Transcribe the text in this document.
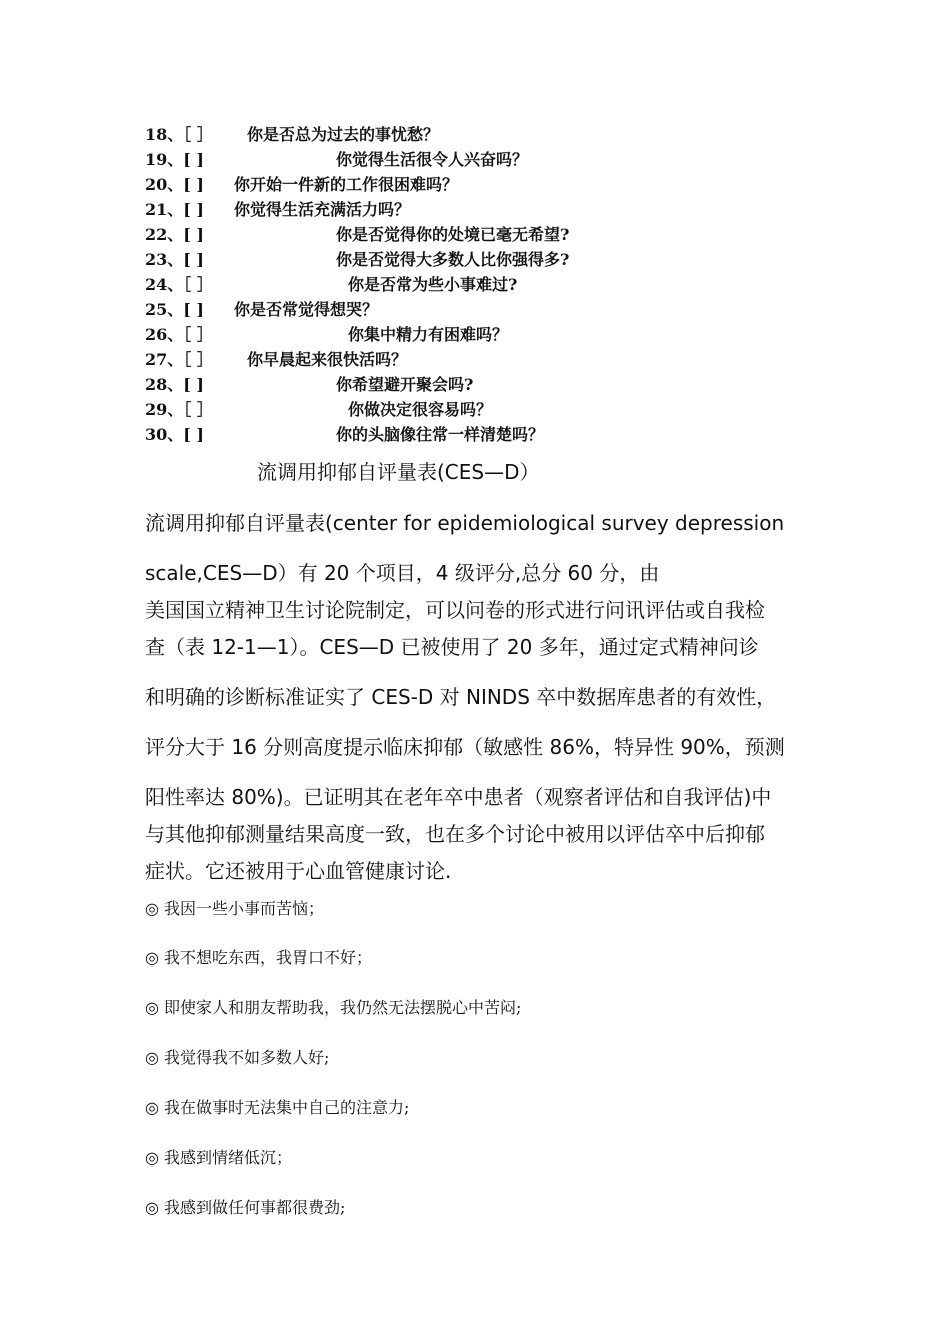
18、［ ］ 你是否总为过去的事忧愁？
19、[ ]	你觉得生活很令人兴奋吗？
20、[ ] 你开始一件新的工作很困难吗？
21、[ ] 你觉得生活充满活力吗？
22、[ ]	你是否觉得你的处境已毫无希望?
23、[ ]	你是否觉得大多数人比你强得多?
24、［ ］	你是否常为些小事难过?
25、[ ] 你是否常觉得想哭？
26、［ ］	你集中精力有困难吗？
27、［ ］ 你早晨起来很快活吗？
28、[ ]	你希望避开聚会吗?
29、［ ］	你做决定很容易吗？
30、[ ]	你的头脑像往常一样清楚吗？
流调用抑郁自评量表(CES—D）
流调用抑郁自评量表(center for epidemiological survey depression
scale,CES—D）有 20 个项目，4 级评分,总分 60 分，由
美国国立精神卫生讨论院制定，可以问卷的形式进行问讯评估或自我检
查（表 12-1—1）。CES—D 已被使用了 20 多年，通过定式精神问诊
和明确的诊断标准证实了 CES-D 对 NINDS 卒中数据库患者的有效性，
评分大于 16 分则高度提示临床抑郁（敏感性 86%，特异性 90%，预测
阳性率达 80%)。已证明其在老年卒中患者（观察者评估和自我评估)中
与其他抑郁测量结果高度一致，也在多个讨论中被用以评估卒中后抑郁
症状。它还被用于心血管健康讨论.
◎ 我因一些小事而苦恼；
◎ 我不想吃东西，我胃口不好；
◎ 即使家人和朋友帮助我，我仍然无法摆脱心中苦闷;
◎ 我觉得我不如多数人好;
◎ 我在做事时无法集中自己的注意力;
◎ 我感到情绪低沉；
◎ 我感到做任何事都很费劲;
